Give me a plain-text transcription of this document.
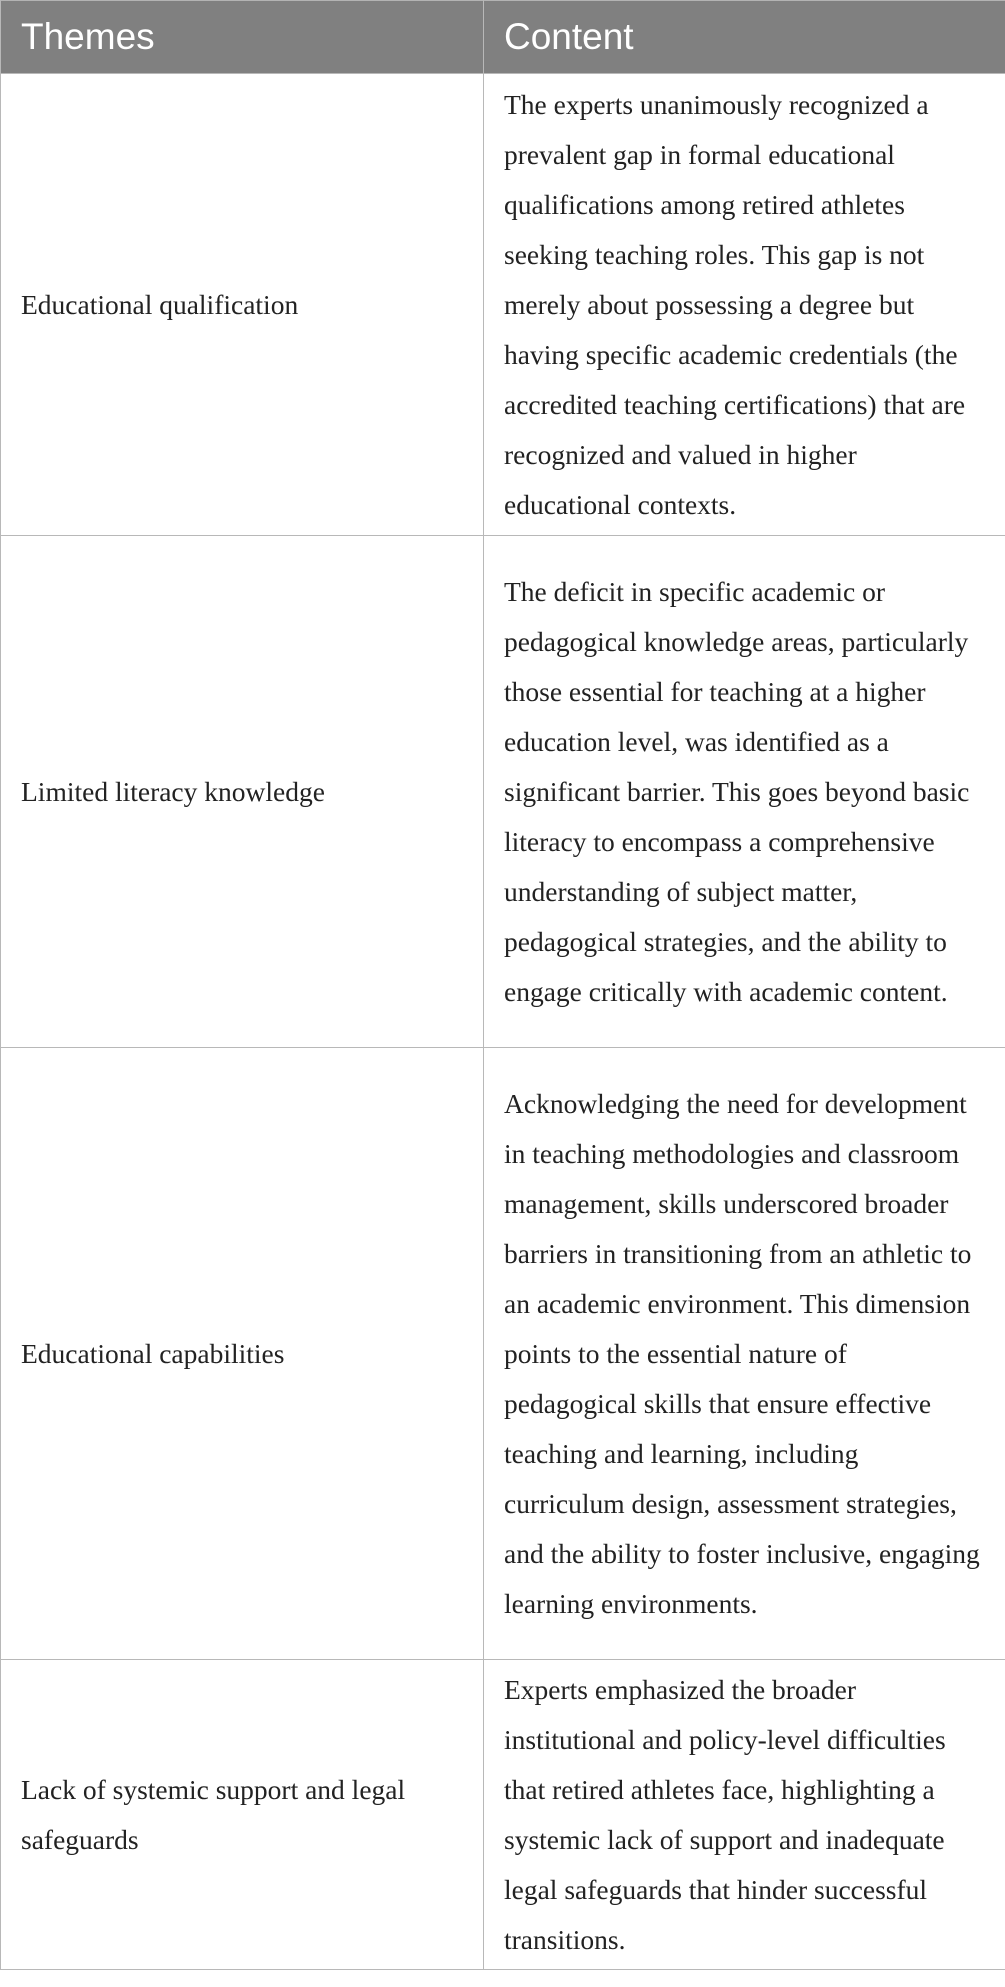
Themes	Content
Educational qualification	The experts unanimously recognized a prevalent gap in formal educational qualifications among retired athletes seeking teaching roles. This gap is not merely about possessing a degree but having specific academic credentials (the accredited teaching certifications) that are recognized and valued in higher educational contexts.
Limited literacy knowledge	The deficit in specific academic or pedagogical knowledge areas, particularly those essential for teaching at a higher education level, was identified as a significant barrier. This goes beyond basic literacy to encompass a comprehensive understanding of subject matter, pedagogical strategies, and the ability to engage critically with academic content.
Educational capabilities	Acknowledging the need for development in teaching methodologies and classroom management, skills underscored broader barriers in transitioning from an athletic to an academic environment. This dimension points to the essential nature of pedagogical skills that ensure effective teaching and learning, including curriculum design, assessment strategies, and the ability to foster inclusive, engaging learning environments.
Lack of systemic support and legal safeguards	Experts emphasized the broader institutional and policy-level difficulties that retired athletes face, highlighting a systemic lack of support and inadequate legal safeguards that hinder successful transitions.
